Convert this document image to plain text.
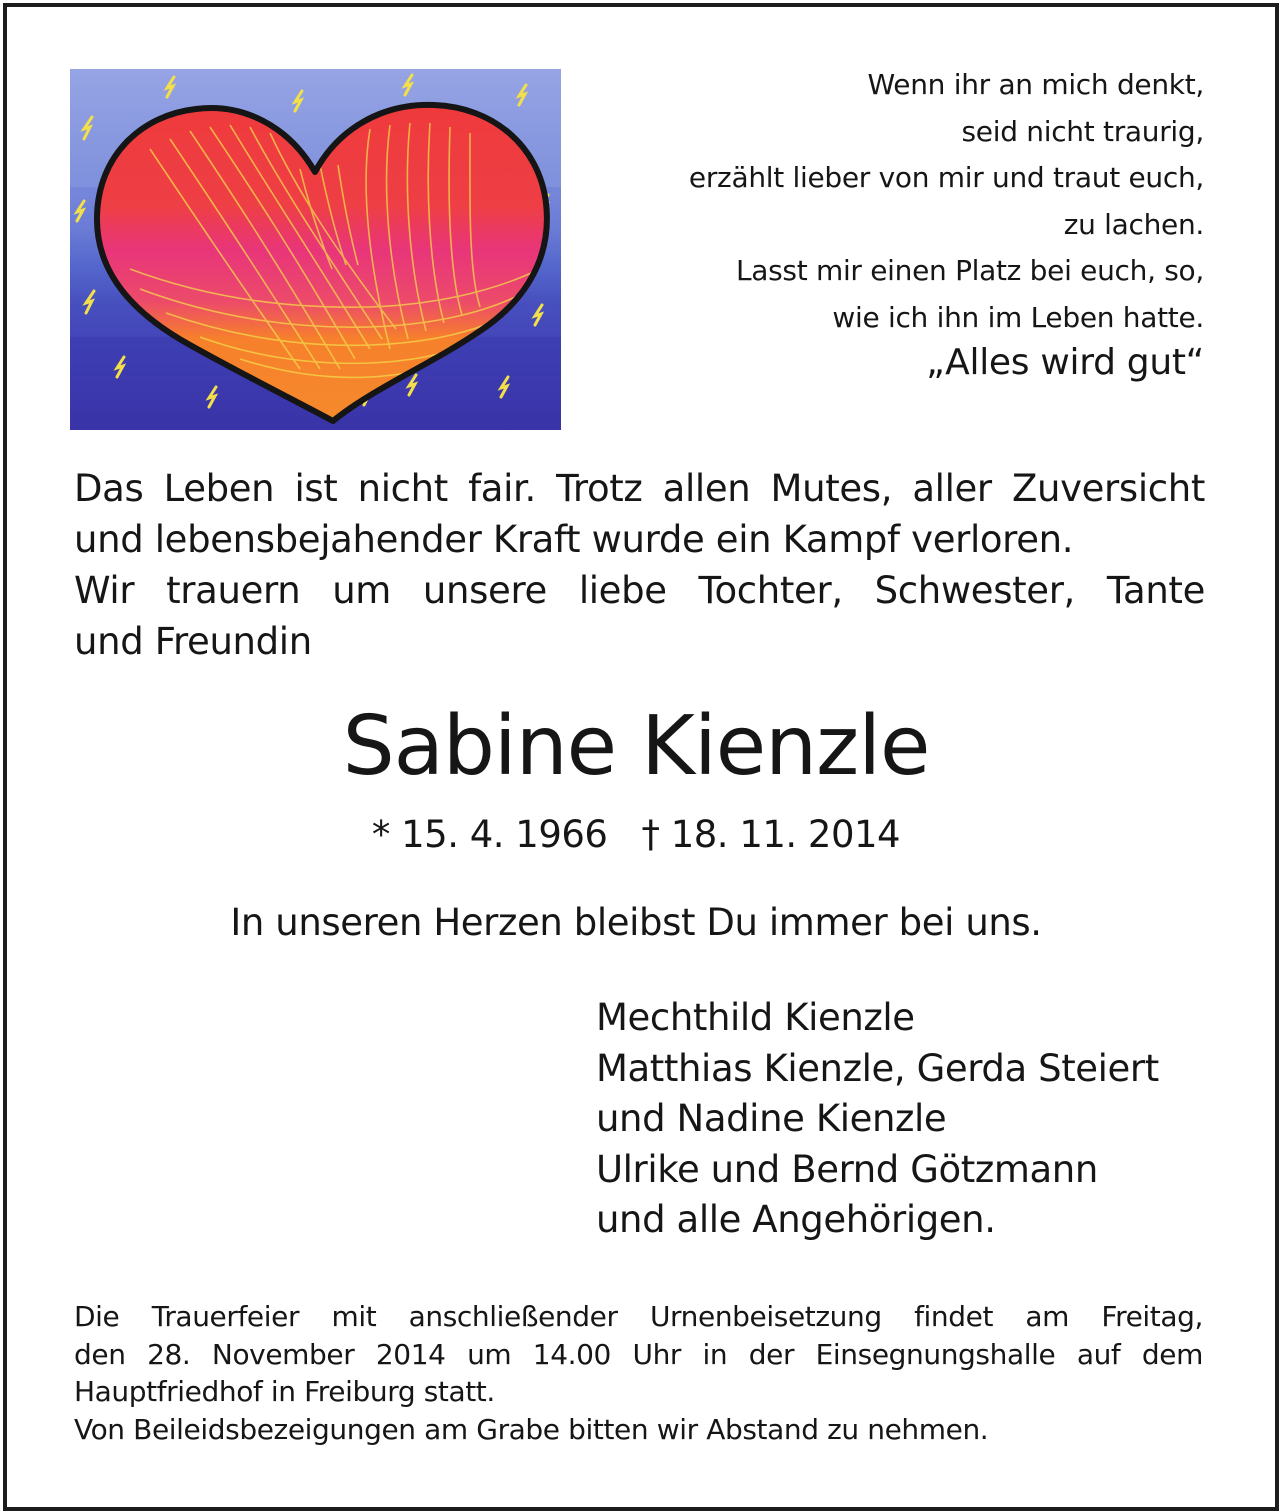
Wenn ihr an mich denkt,
seid nicht traurig,
erzählt lieber von mir und traut euch,
zu lachen.
Lasst mir einen Platz bei euch, so,
wie ich ihn im Leben hatte.
„Alles wird gut“
Das Leben ist nicht fair. Trotz allen Mutes, aller Zuversicht
und lebensbejahender Kraft wurde ein Kampf verloren.
Wir trauern um unsere liebe Tochter, Schwester, Tante
und Freundin
Sabine Kienzle
* 15. 4. 1966 † 18. 11. 2014
In unseren Herzen bleibst Du immer bei uns.
Mechthild Kienzle
Matthias Kienzle, Gerda Steiert
und Nadine Kienzle
Ulrike und Bernd Götzmann
und alle Angehörigen.
Die Trauerfeier mit anschließender Urnenbeisetzung findet am Freitag,
den 28. November 2014 um 14.00 Uhr in der Einsegnungshalle auf dem
Hauptfriedhof in Freiburg statt.
Von Beileidsbezeigungen am Grabe bitten wir Abstand zu nehmen.
